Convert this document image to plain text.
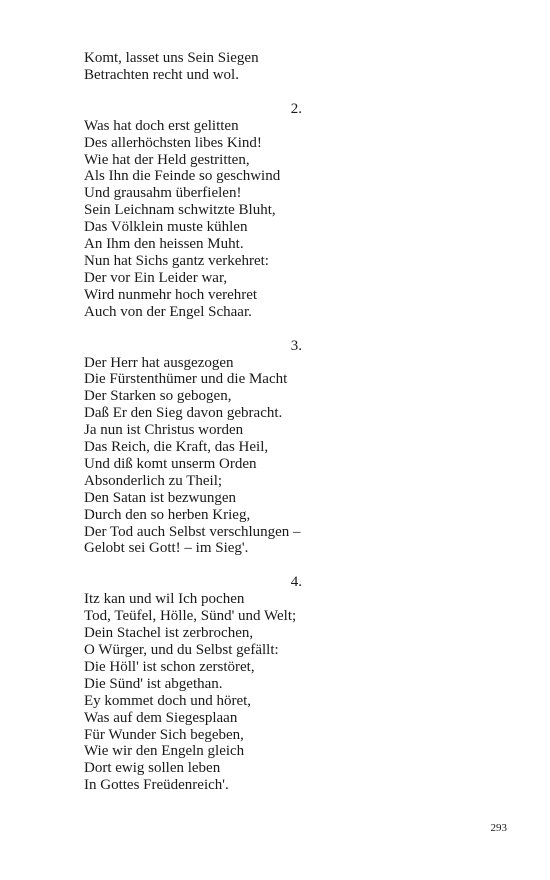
Komt, lasset uns Sein Siegen
Betrachten recht und wol.
2.
Was hat doch erst gelitten
Des allerhöchsten libes Kind!
Wie hat der Held gestritten,
Als Ihn die Feinde so geschwind
Und grausahm überfielen!
Sein Leichnam schwitzte Bluht,
Das Völklein muste kühlen
An Ihm den heissen Muht.
Nun hat Sichs gantz verkehret:
Der vor Ein Leider war,
Wird nunmehr hoch verehret
Auch von der Engel Schaar.
3.
Der Herr hat ausgezogen
Die Fürstenthümer und die Macht
Der Starken so gebogen,
Daß Er den Sieg davon gebracht.
Ja nun ist Christus worden
Das Reich, die Kraft, das Heil,
Und diß komt unserm Orden
Absonderlich zu Theil;
Den Satan ist bezwungen
Durch den so herben Krieg,
Der Tod auch Selbst verschlungen –
Gelobt sei Gott! – im Sieg'.
4.
Itz kan und wil Ich pochen
Tod, Teüfel, Hölle, Sünd' und Welt;
Dein Stachel ist zerbrochen,
O Würger, und du Selbst gefällt:
Die Höll' ist schon zerstöret,
Die Sünd' ist abgethan.
Ey kommet doch und höret,
Was auf dem Siegesplaan
Für Wunder Sich begeben,
Wie wir den Engeln gleich
Dort ewig sollen leben
In Gottes Freüdenreich'.
293
